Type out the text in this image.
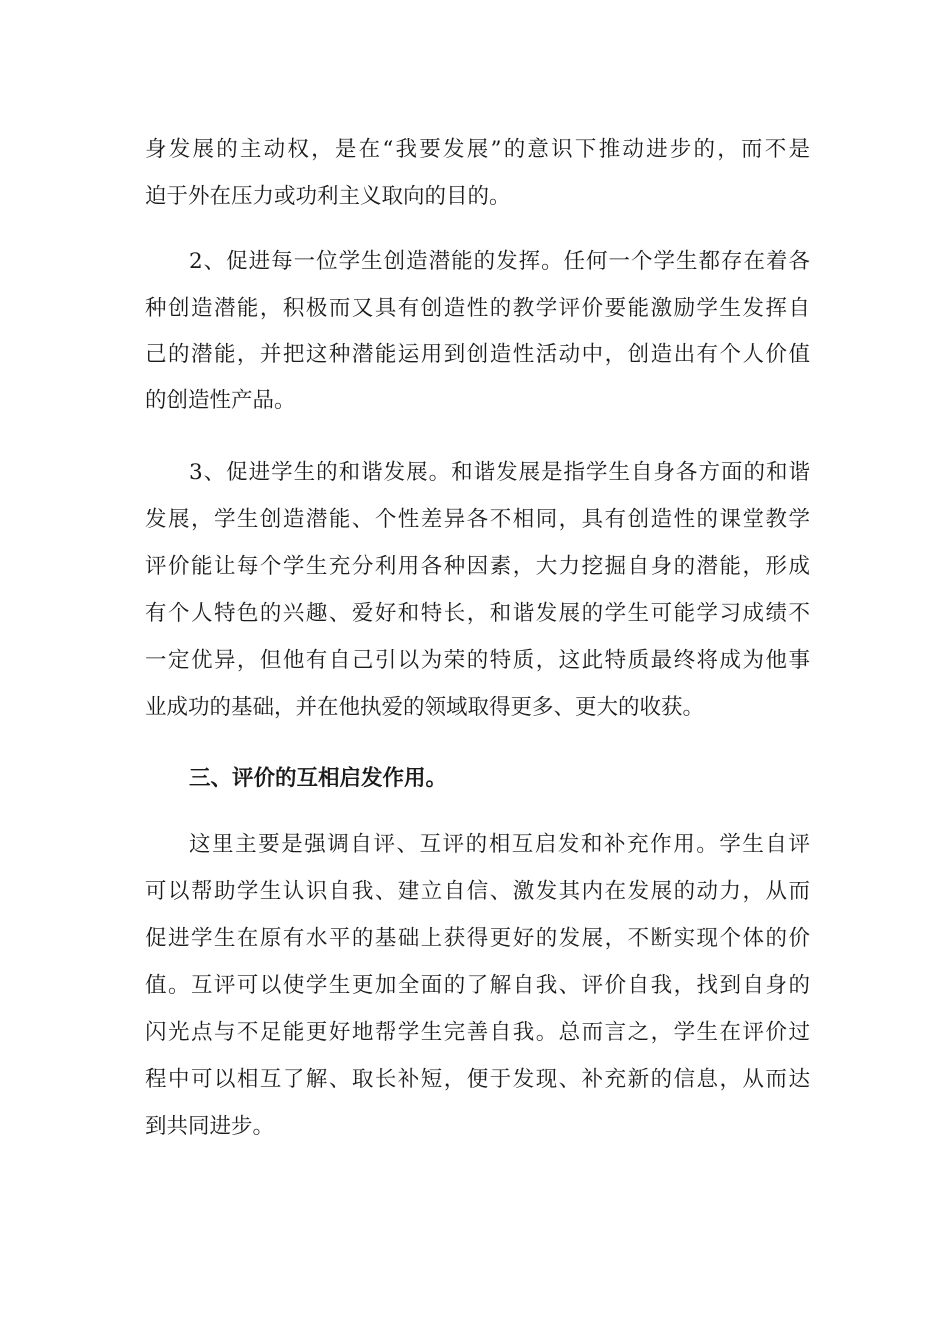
身发展的主动权，是在“我要发展”的意识下推动进步的，而不是
迫于外在压力或功利主义取向的目的。
2、促进每一位学生创造潜能的发挥。任何一个学生都存在着各
种创造潜能，积极而又具有创造性的教学评价要能激励学生发挥自
己的潜能，并把这种潜能运用到创造性活动中，创造出有个人价值
的创造性产品。
3、促进学生的和谐发展。和谐发展是指学生自身各方面的和谐
发展，学生创造潜能、个性差异各不相同，具有创造性的课堂教学
评价能让每个学生充分利用各种因素，大力挖掘自身的潜能，形成
有个人特色的兴趣、爱好和特长，和谐发展的学生可能学习成绩不
一定优异，但他有自己引以为荣的特质，这此特质最终将成为他事
业成功的基础，并在他执爱的领域取得更多、更大的收获。
三、评价的互相启发作用。
这里主要是强调自评、互评的相互启发和补充作用。学生自评
可以帮助学生认识自我、建立自信、激发其内在发展的动力，从而
促进学生在原有水平的基础上获得更好的发展，不断实现个体的价
值。互评可以使学生更加全面的了解自我、评价自我，找到自身的
闪光点与不足能更好地帮学生完善自我。总而言之，学生在评价过
程中可以相互了解、取长补短，便于发现、补充新的信息，从而达
到共同进步。
